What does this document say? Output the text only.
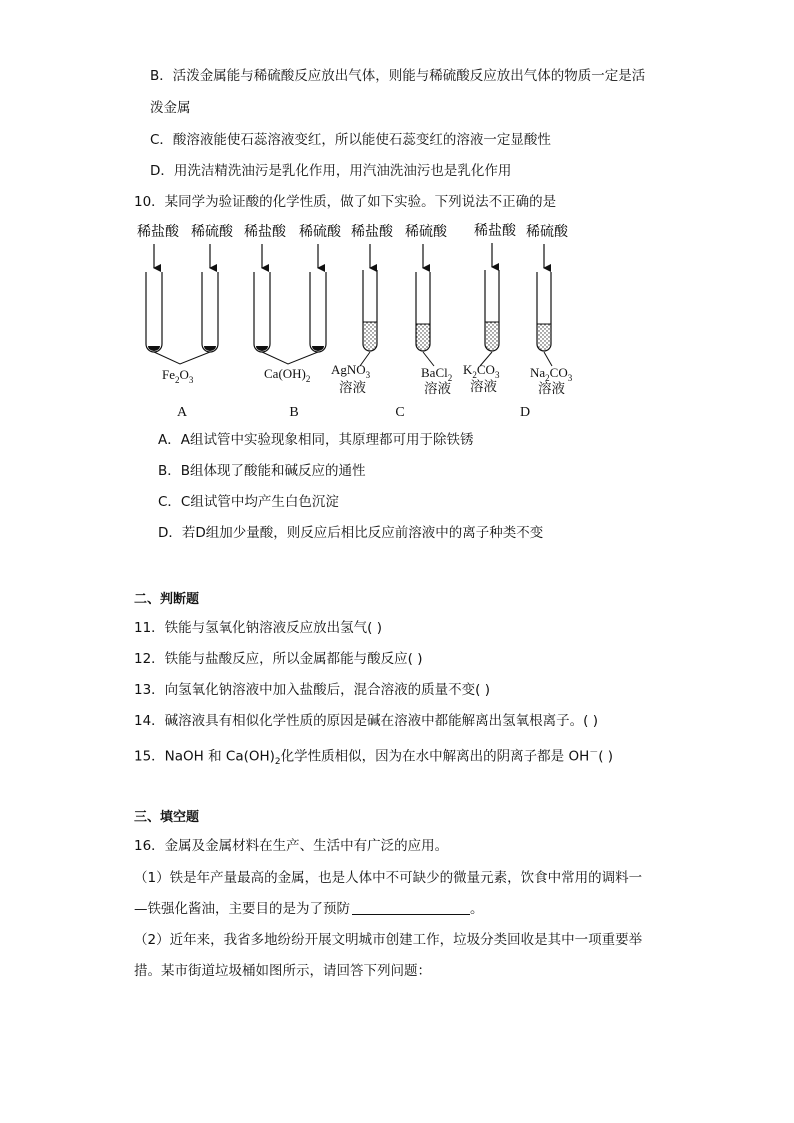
B．活泼金属能与稀硫酸反应放出气体，则能与稀硫酸反应放出气体的物质一定是活
泼金属
C．酸溶液能使石蕊溶液变红，所以能使石蕊变红的溶液一定显酸性
D．用洗洁精洗油污是乳化作用，用汽油洗油污也是乳化作用
10．某同学为验证酸的化学性质，做了如下实验。下列说法不正确的是
稀盐酸 稀硫酸 稀盐酸 稀硫酸 稀盐酸 稀硫酸 稀盐酸 稀硫酸
$Fe_2O_3$	$Ca(OH)_2$
AgNO$_3$
溶液
BaCl$_2$
溶液
$K_2CO_3$
溶液
$Na_2CO_3$
溶液
A	B	C	D
A．A组试管中实验现象相同，其原理都可用于除铁锈
B．B组体现了酸能和碱反应的通性
C．C组试管中均产生白色沉淀
D．若D组加少量酸，则反应后相比反应前溶液中的离子种类不变
二、判断题
11．铁能与氢氧化钠溶液反应放出氢气( )
12．铁能与盐酸反应，所以金属都能与酸反应( )
13．向氢氧化钠溶液中加入盐酸后，混合溶液的质量不变( )
14．碱溶液具有相似化学性质的原因是碱在溶液中都能解离出氢氧根离子。( )
15．NaOH 和 $Ca(OH)_2$化学性质相似，因为在水中解离出的阴离子都是 OH－( )
三、填空题
16．金属及金属材料在生产、生活中有广泛的应用。
（1）铁是年产量最高的金属，也是人体中不可缺少的微量元素，饮食中常用的调料一
—铁强化酱油，主要目的是为了预防	。
（2）近年来，我省多地纷纷开展文明城市创建工作，垃圾分类回收是其中一项重要举
措。某市街道垃圾桶如图所示，请回答下列问题：
